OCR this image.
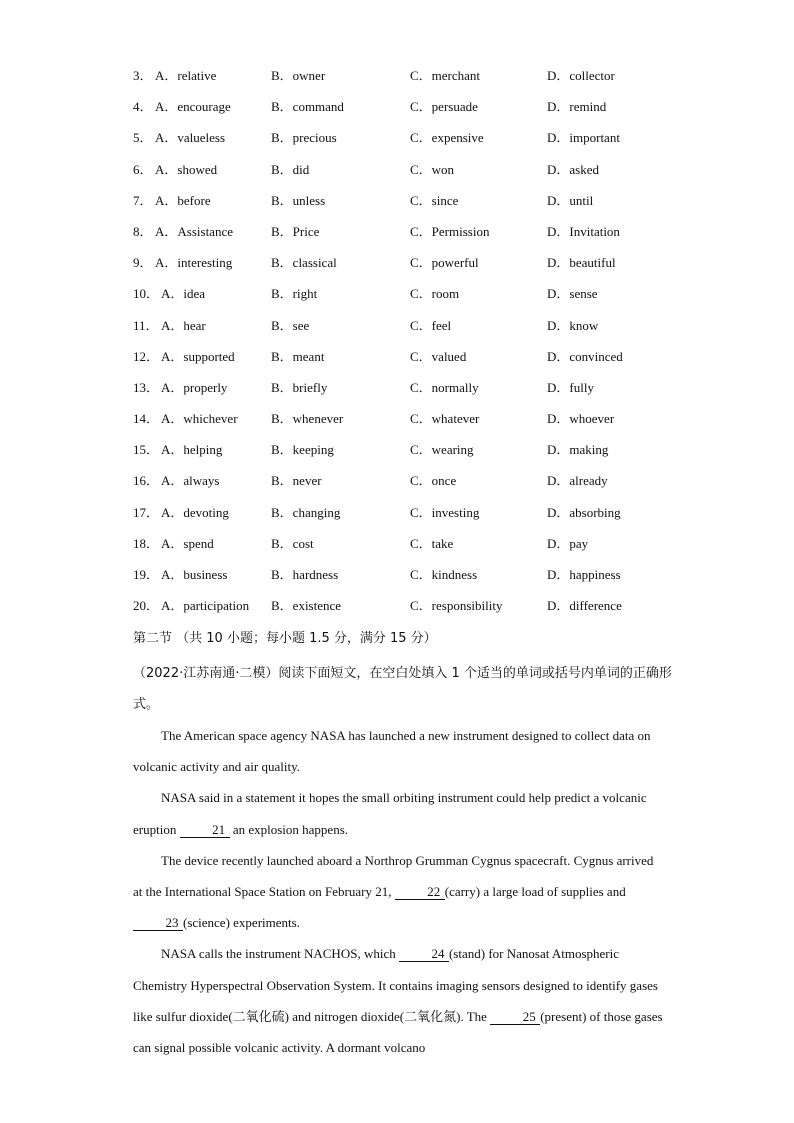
3． A．relative	B．owner	C．merchant	D．collector
4． A．encourage	B．command	C．persuade	D．remind
5． A．valueless	B．precious	C．expensive	D．important
6． A．showed	B．did	C．won	D．asked
7． A．before	B．unless	C．since	D．until
8． A．Assistance	B．Price	C．Permission	D．Invitation
9． A．interesting	B．classical	C．powerful	D．beautiful
10． A．idea	B．right	C．room	D．sense
11． A．hear	B．see	C．feel	D．know
12． A．supported	B．meant	C．valued	D．convinced
13． A．properly	B．briefly	C．normally	D．fully
14． A．whichever	B．whenever	C．whatever	D．whoever
15． A．helping	B．keeping	C．wearing	D．making
16． A．always	B．never	C．once	D．already
17． A．devoting	B．changing	C．investing	D．absorbing
18． A．spend	B．cost	C．take	D．pay
19． A．business	B．hardness	C．kindness	D．happiness
20． A．participation B．existence	C．responsibility	D．difference
第二节 （共 10 小题；每小题 1.5 分，满分 15 分）
（2022·江苏南通·二模）阅读下面短文，在空白处填入 1 个适当的单词或括号内单词的正确形式。

The American space agency NASA has launched a new instrument designed to collect data on volcanic activity and air quality.

NASA said in a statement it hopes the small orbiting instrument could help predict a volcanic eruption	21 an explosion happens.

The device recently launched aboard a Northrop Grumman Cygnus spacecraft. Cygnus arrived at the International Space Station on February 21,	22 (carry) a large load of supplies and 23 (science) experiments.

NASA calls the instrument NACHOS, which	24 (stand) for Nanosat Atmospheric Chemistry Hyperspectral Observation System. It contains imaging sensors designed to identify gases like sulfur dioxide(二氧化硫) and nitrogen dioxide(二氧化氮). The	25 (present) of those gases can signal possible volcanic activity. A dormant volcano
